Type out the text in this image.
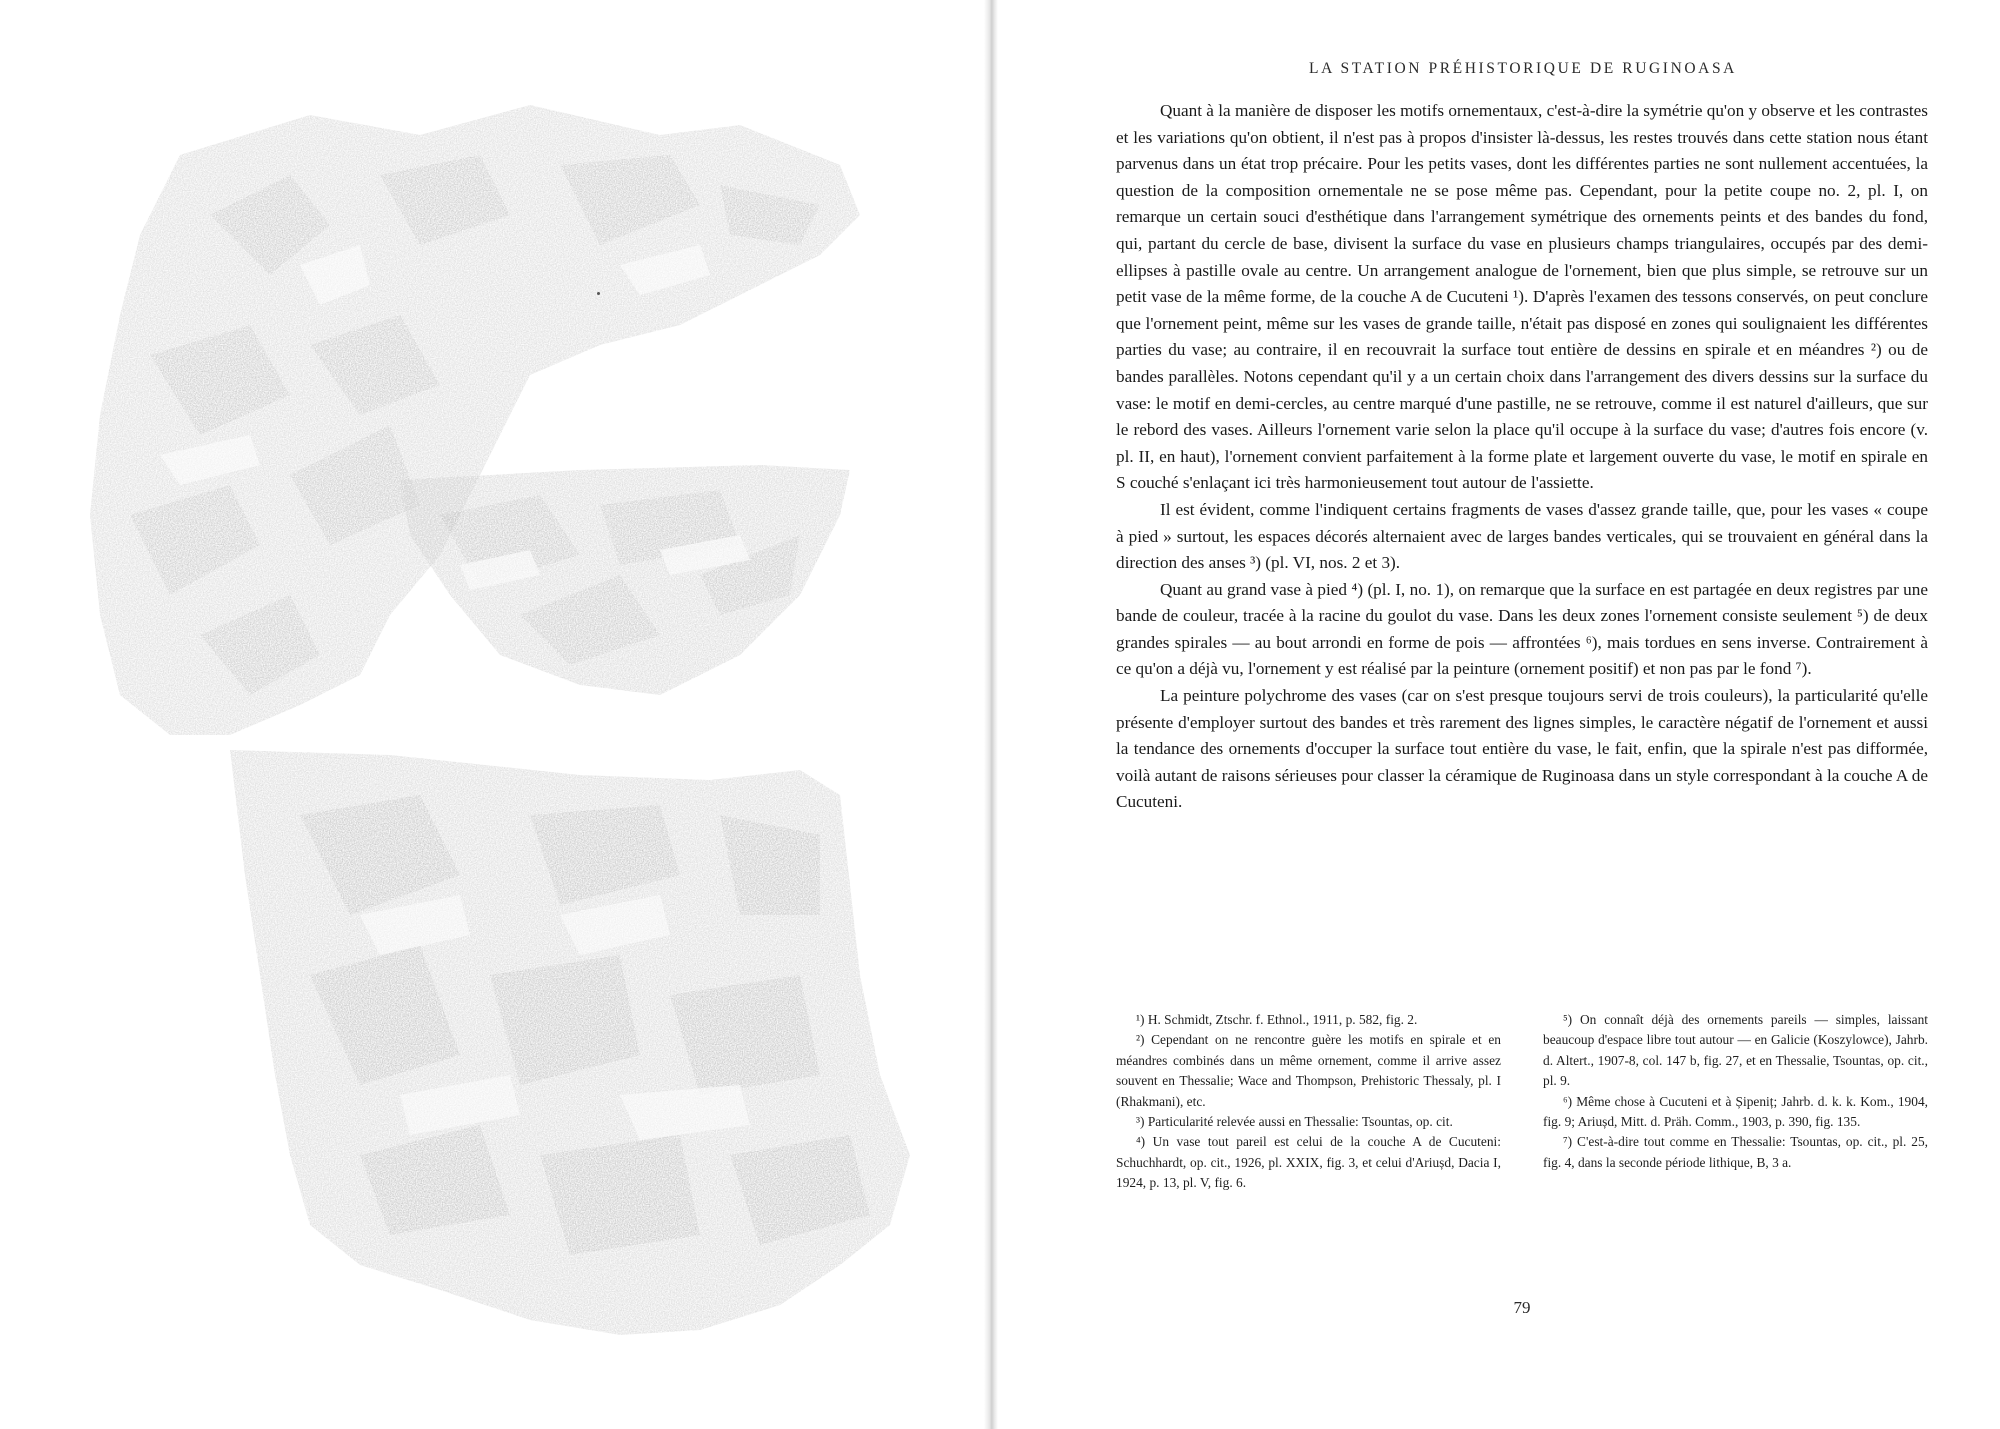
LA STATION PRÉHISTORIQUE DE RUGINOASA

Quant à la manière de disposer les motifs ornementaux, c'est-à-dire la symétrie qu'on y observe et les contrastes et les variations qu'on obtient, il n'est pas à propos d'insister là-dessus, les restes trouvés dans cette station nous étant parvenus dans un état trop précaire. Pour les petits vases, dont les différentes parties ne sont nullement accentuées, la question de la composition ornementale ne se pose même pas. Cependant, pour la petite coupe no. 2, pl. I, on remarque un certain souci d'esthétique dans l'arrangement symétrique des ornements peints et des bandes du fond, qui, partant du cercle de base, divisent la surface du vase en plusieurs champs triangulaires, occupés par des demi-ellipses à pastille ovale au centre. Un arrangement analogue de l'ornement, bien que plus simple, se retrouve sur un petit vase de la même forme, de la couche A de Cucuteni ¹). D'après l'examen des tessons conservés, on peut conclure que l'ornement peint, même sur les vases de grande taille, n'était pas disposé en zones qui soulignaient les différentes parties du vase; au contraire, il en recouvrait la surface tout entière de dessins en spirale et en méandres ²) ou de bandes parallèles. Notons cependant qu'il y a un certain choix dans l'arrangement des divers dessins sur la surface du vase: le motif en demi-cercles, au centre marqué d'une pastille, ne se retrouve, comme il est naturel d'ailleurs, que sur le rebord des vases. Ailleurs l'ornement varie selon la place qu'il occupe à la surface du vase; d'autres fois encore (v. pl. II, en haut), l'ornement convient parfaitement à la forme plate et largement ouverte du vase, le motif en spirale en S couché s'enlaçant ici très harmonieusement tout autour de l'assiette.

Il est évident, comme l'indiquent certains fragments de vases d'assez grande taille, que, pour les vases « coupe à pied » surtout, les espaces décorés alternaient avec de larges bandes verticales, qui se trouvaient en général dans la direction des anses ³) (pl. VI, nos. 2 et 3).

Quant au grand vase à pied ⁴) (pl. I, no. 1), on remarque que la surface en est partagée en deux registres par une bande de couleur, tracée à la racine du goulot du vase. Dans les deux zones l'ornement consiste seulement ⁵) de deux grandes spirales — au bout arrondi en forme de pois — affrontées ⁶), mais tordues en sens inverse. Contrairement à ce qu'on a déjà vu, l'ornement y est réalisé par la peinture (ornement positif) et non pas par le fond ⁷).

La peinture polychrome des vases (car on s'est presque toujours servi de trois couleurs), la particularité qu'elle présente d'employer surtout des bandes et très rarement des lignes simples, le caractère négatif de l'ornement et aussi la tendance des ornements d'occuper la surface tout entière du vase, le fait, enfin, que la spirale n'est pas difformée, voilà autant de raisons sérieuses pour classer la céramique de Ruginoasa dans un style correspondant à la couche A de Cucuteni.

¹) H. Schmidt, Ztschr. f. Ethnol., 1911, p. 582, fig. 2.

²) Cependant on ne rencontre guère les motifs en spirale et en méandres combinés dans un même ornement, comme il arrive assez souvent en Thessalie; Wace and Thompson, Prehistoric Thessaly, pl. I (Rhakmani), etc.

³) Particularité relevée aussi en Thessalie: Tsountas, op. cit.

⁴) Un vase tout pareil est celui de la couche A de Cucuteni: Schuchhardt, op. cit., 1926, pl. XXIX, fig. 3, et celui d'Ariușd, Dacia I, 1924, p. 13, pl. V, fig. 6.

⁵) On connaît déjà des ornements pareils — simples, laissant beaucoup d'espace libre tout autour — en Galicie (Koszylowce), Jahrb. d. Altert., 1907-8, col. 147 b, fig. 27, et en Thessalie, Tsountas, op. cit., pl. 9.

⁶) Même chose à Cucuteni et à Șipeniț; Jahrb. d. k. k. Kom., 1904, fig. 9; Ariușd, Mitt. d. Präh. Comm., 1903, p. 390, fig. 135.

⁷) C'est-à-dire tout comme en Thessalie: Tsountas, op. cit., pl. 25, fig. 4, dans la seconde période lithique, B, 3 a.

79
